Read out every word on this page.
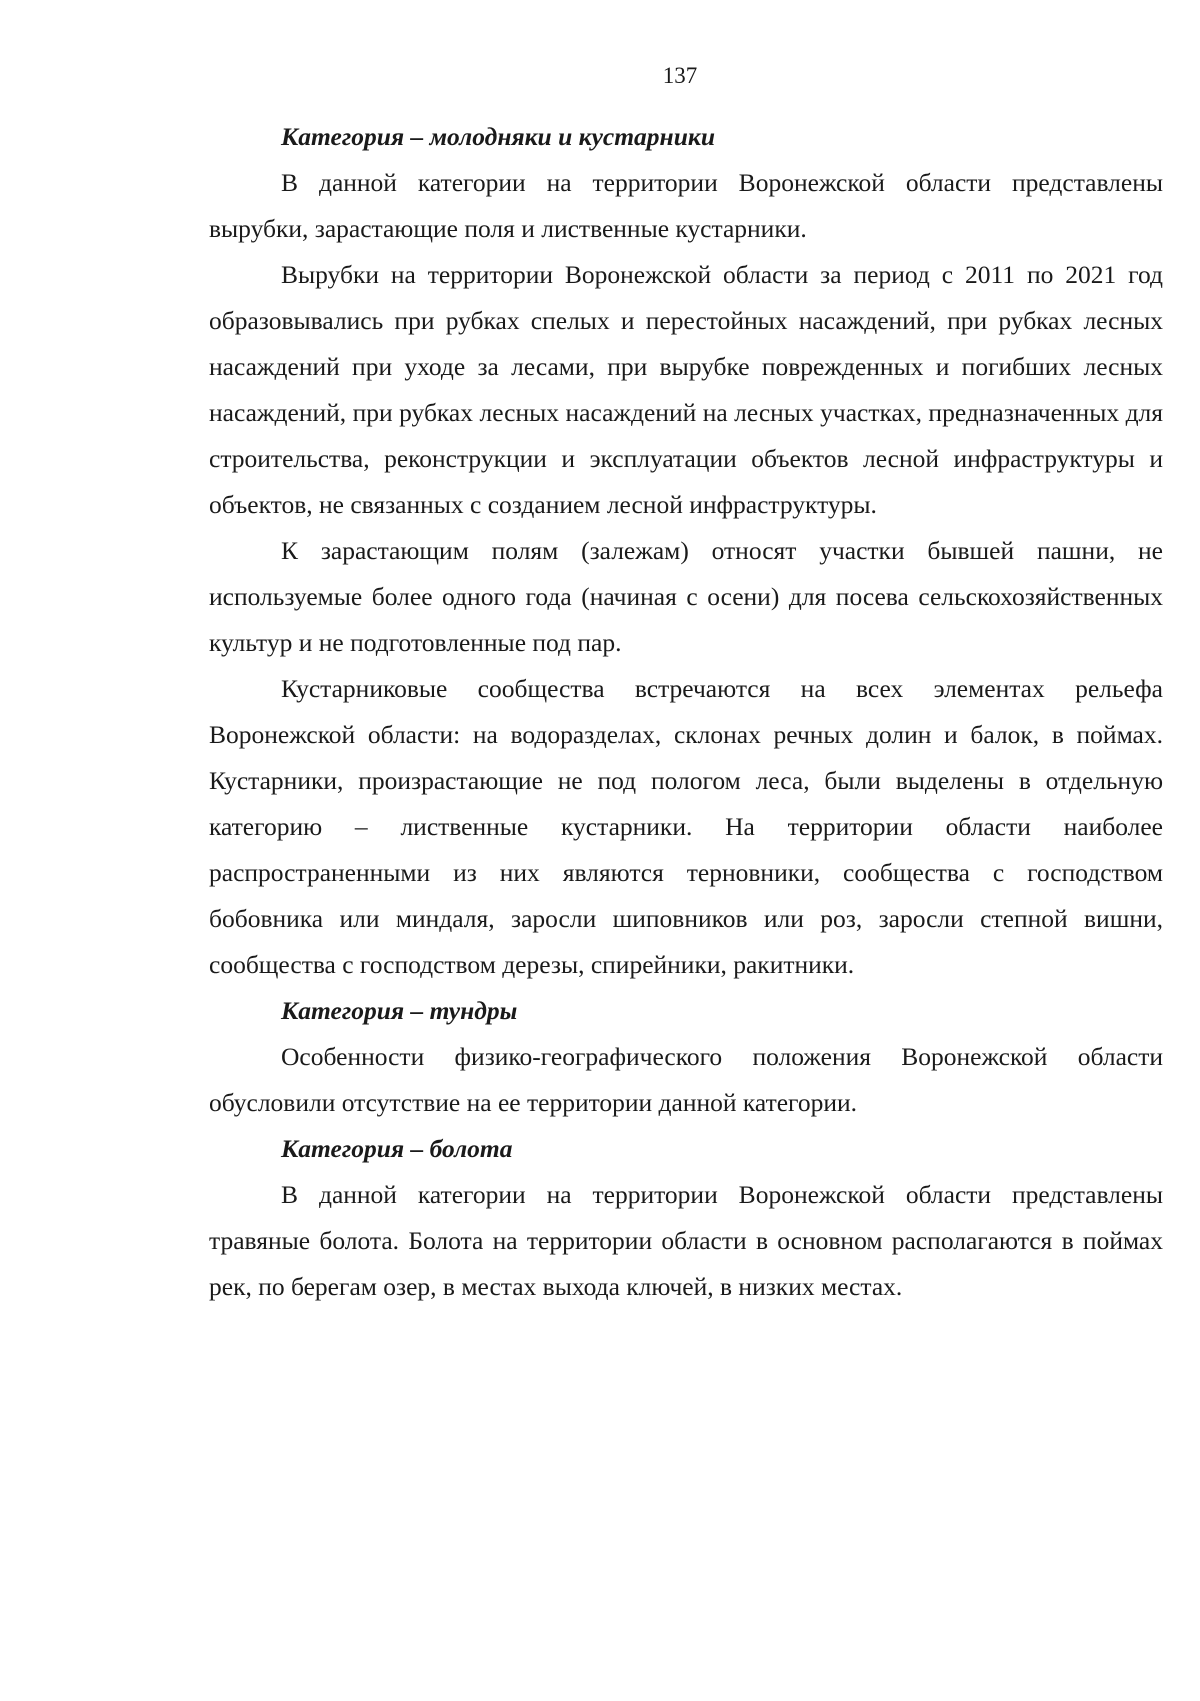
137

Категория – молодняки и кустарники

В данной категории на территории Воронежской области представлены вырубки, зарастающие поля и лиственные кустарники.

Вырубки на территории Воронежской области за период с 2011 по 2021 год образовывались при рубках спелых и перестойных насаждений, при рубках лесных насаждений при уходе за лесами, при вырубке поврежденных и погибших лесных насаждений, при рубках лесных насаждений на лесных участках, предназначенных для строительства, реконструкции и эксплуатации объектов лесной инфраструктуры и объектов, не связанных с созданием лесной инфраструктуры.

К зарастающим полям (залежам) относят участки бывшей пашни, не используемые более одного года (начиная с осени) для посева сельскохозяйственных культур и не подготовленные под пар.

Кустарниковые сообщества встречаются на всех элементах рельефа Воронежской области: на водоразделах, склонах речных долин и балок, в поймах. Кустарники, произрастающие не под пологом леса, были выделены в отдельную категорию – лиственные кустарники. На территории области наиболее распространенными из них являются терновники, сообщества с господством бобовника или миндаля, заросли шиповников или роз, заросли степной вишни, сообщества с господством дерезы, спирейники, ракитники.

Категория – тундры

Особенности физико-географического положения Воронежской области обусловили отсутствие на ее территории данной категории.

Категория – болота

В данной категории на территории Воронежской области представлены травяные болота. Болота на территории области в основном располагаются в поймах рек, по берегам озер, в местах выхода ключей, в низких местах.
